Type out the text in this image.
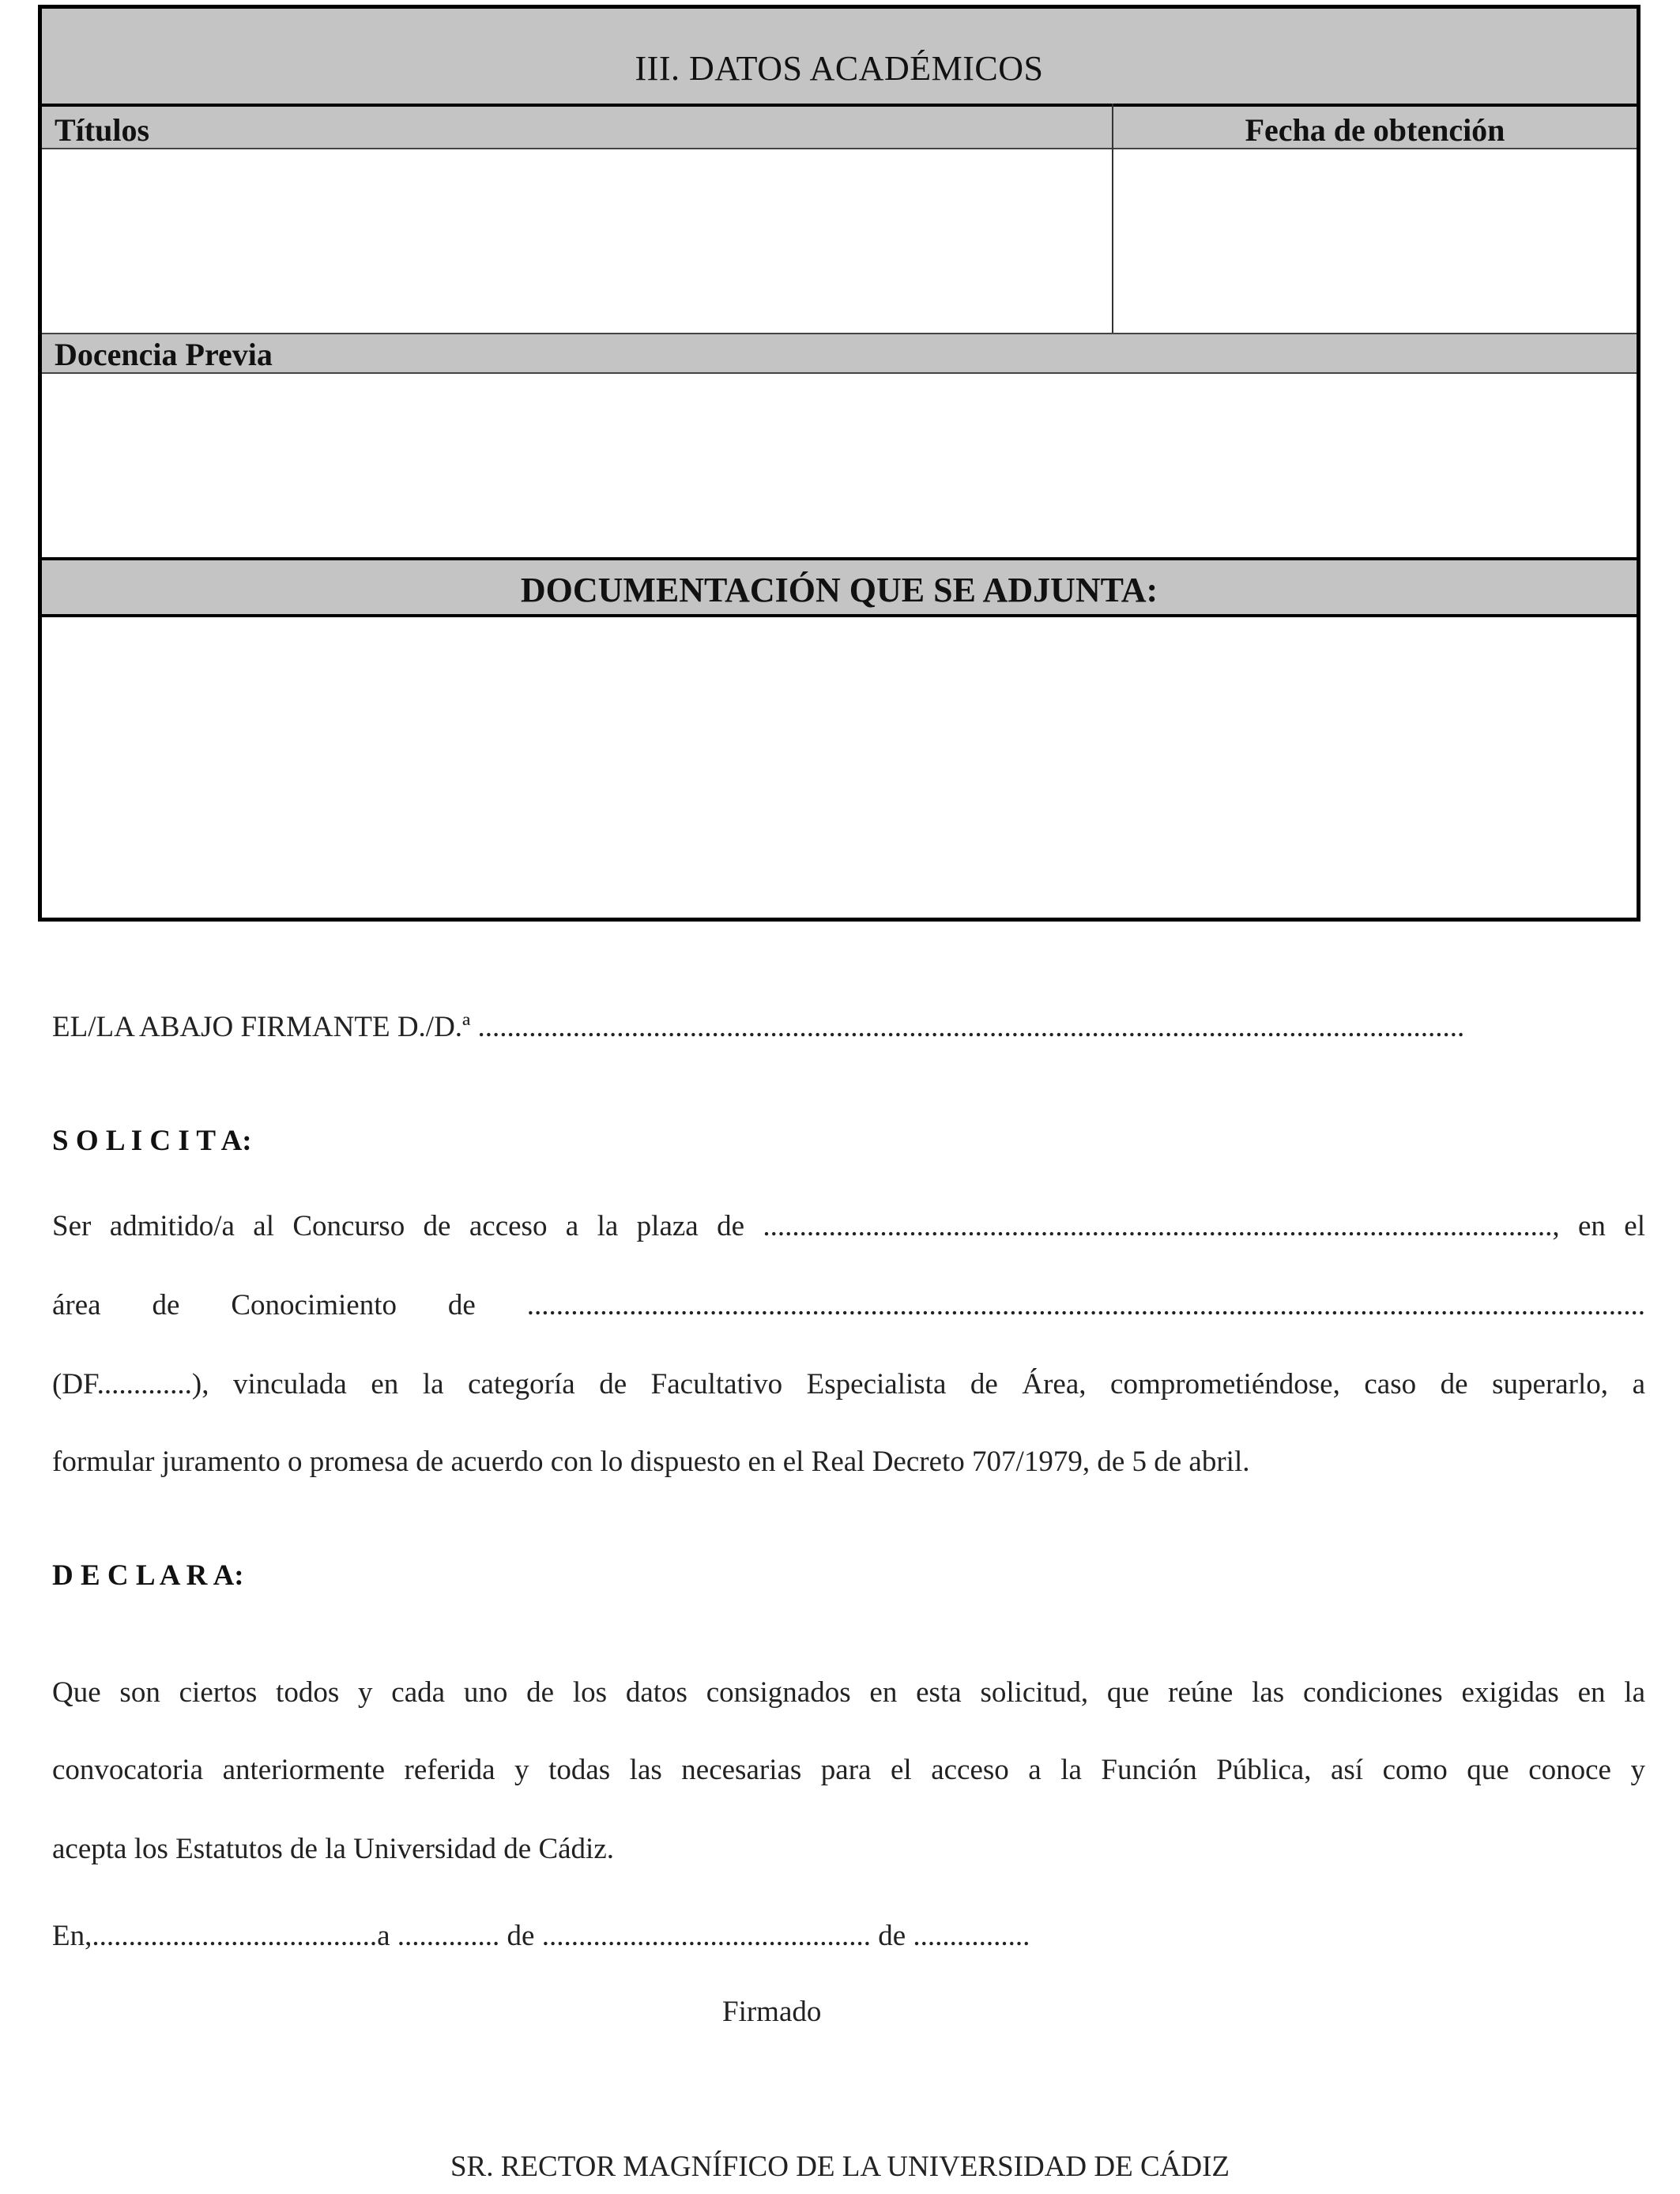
III. DATOS ACADÉMICOS
Títulos	Fecha de obtención
Docencia Previa
DOCUMENTACIÓN QUE SE ADJUNTA:
EL/LA ABAJO FIRMANTE D./D.ª .......................................................................................................................................
S O L I C I T A:
Ser admitido/a al Concurso de acceso a la plaza de ............................................................................................................, en el
área de Conocimiento de .........................................................................................................................................................
(DF.............), vinculada en la categoría de Facultativo Especialista de Área, comprometiéndose, caso de superarlo, a
formular juramento o promesa de acuerdo con lo dispuesto en el Real Decreto 707/1979, de 5 de abril.
D E C L A R A:
Que son ciertos todos y cada uno de los datos consignados en esta solicitud, que reúne las condiciones exigidas en la
convocatoria anteriormente referida y todas las necesarias para el acceso a la Función Pública, así como que conoce y
acepta los Estatutos de la Universidad de Cádiz.
En,.......................................a .............. de ............................................. de ................
Firmado
SR. RECTOR MAGNÍFICO DE LA UNIVERSIDAD DE CÁDIZ
